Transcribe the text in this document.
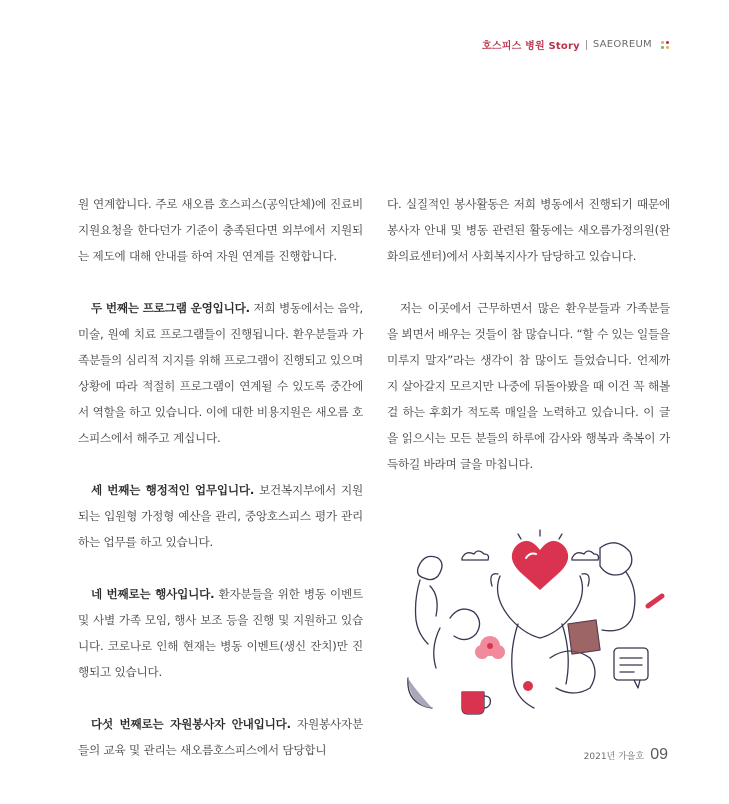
호스피스 병원 Story SAEOREUM

원 연계합니다. 주로 새오름 호스피스(공익단체)에 진료비 지원요청을 한다던가 기준이 충족된다면 외부에서 지원되는 제도에 대해 안내를 하여 자원 연계를 진행합니다.

두 번째는 프로그램 운영입니다. 저희 병동에서는 음악, 미술, 원예 치료 프로그램들이 진행됩니다. 환우분들과 가족분들의 심리적 지지를 위해 프로그램이 진행되고 있으며 상황에 따라 적절히 프로그램이 연계될 수 있도록 중간에서 역할을 하고 있습니다. 이에 대한 비용지원은 새오름 호스피스에서 해주고 계십니다.

세 번째는 행정적인 업무입니다. 보건복지부에서 지원되는 입원형 가정형 예산을 관리, 중앙호스피스 평가 관리하는 업무를 하고 있습니다.

네 번째로는 행사입니다. 환자분들을 위한 병동 이벤트 및 사별 가족 모임, 행사 보조 등을 진행 및 지원하고 있습니다. 코로나로 인해 현재는 병동 이벤트(생신 잔치)만 진행되고 있습니다.

다섯 번째로는 자원봉사자 안내입니다. 자원봉사자분들의 교육 및 관리는 새오름호스피스에서 담당합니

다. 실질적인 봉사활동은 저희 병동에서 진행되기 때문에 봉사자 안내 및 병동 관련된 활동에는 새오름가정의원(완화의료센터)에서 사회복지사가 담당하고 있습니다.

저는 이곳에서 근무하면서 많은 환우분들과 가족분들을 뵈면서 배우는 것들이 참 많습니다. “할 수 있는 일들을 미루지 말자”라는 생각이 참 많이도 들었습니다. 언제까지 살아갈지 모르지만 나중에 뒤돌아봤을 때 이건 꼭 해볼 걸 하는 후회가 적도록 매일을 노력하고 있습니다. 이 글을 읽으시는 모든 분들의 하루에 감사와 행복과 축복이 가득하길 바라며 글을 마칩니다.

2021년 가을호 09
